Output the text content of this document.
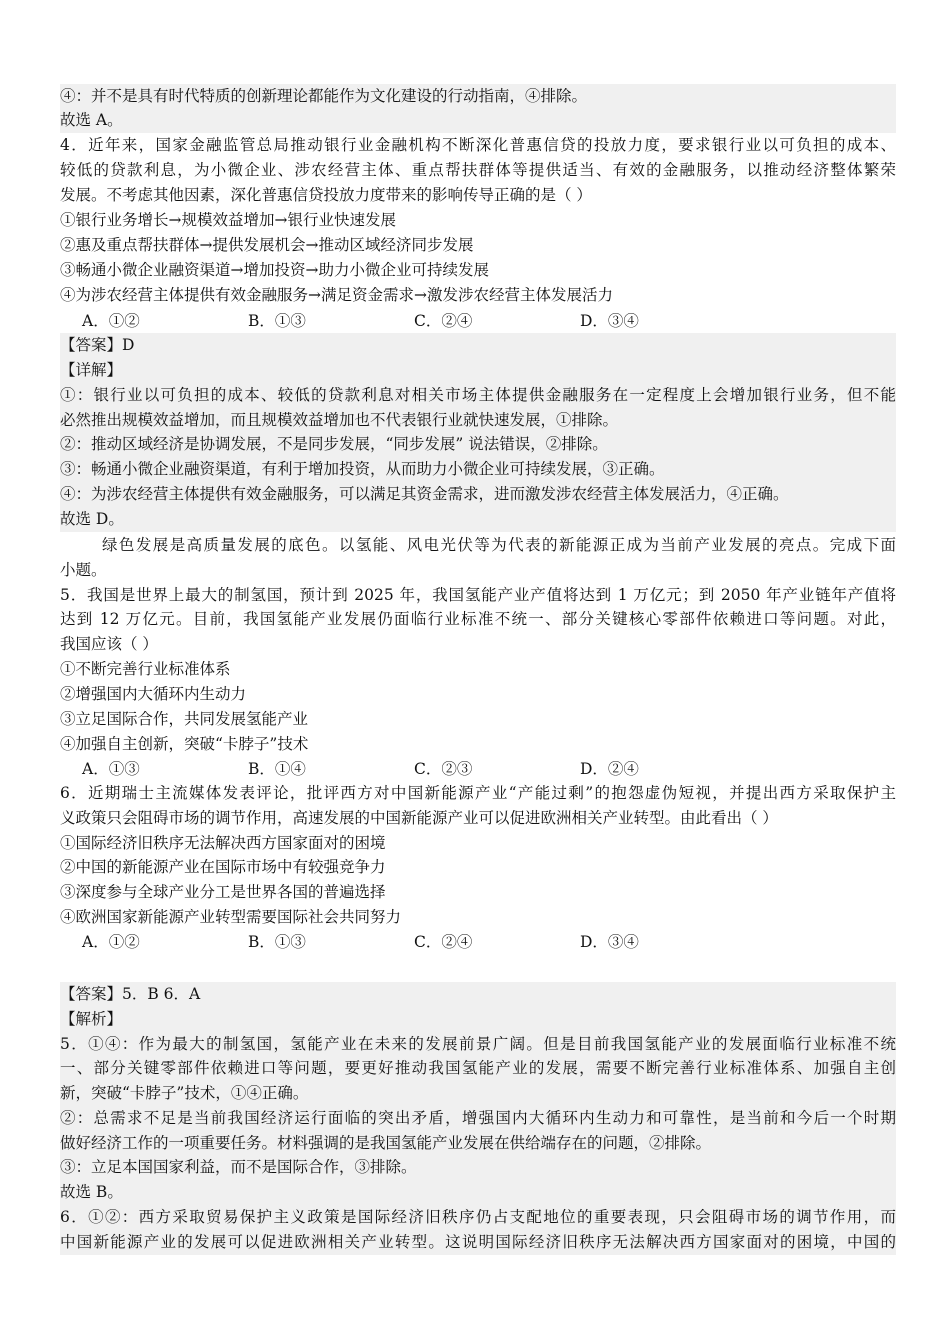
④：并不是具有时代特质的创新理论都能作为文化建设的行动指南，④排除。
故选 A。
4．近年来，国家金融监管总局推动银行业金融机构不断深化普惠信贷的投放力度，要求银行业以可负担的成本、
较低的贷款利息，为小微企业、涉农经营主体、重点帮扶群体等提供适当、有效的金融服务，以推动经济整体繁荣
发展。不考虑其他因素，深化普惠信贷投放力度带来的影响传导正确的是（ ）
①银行业务增长→规模效益增加→银行业快速发展
②惠及重点帮扶群体→提供发展机会→推动区域经济同步发展
③畅通小微企业融资渠道→增加投资→助力小微企业可持续发展
④为涉农经营主体提供有效金融服务→满足资金需求→激发涉农经营主体发展活力
A．①②	B．①③	C．②④	D．③④
【答案】D
【详解】
①：银行业以可负担的成本、较低的贷款利息对相关市场主体提供金融服务在一定程度上会增加银行业务，但不能
必然推出规模效益增加，而且规模效益增加也不代表银行业就快速发展，①排除。
②：推动区域经济是协调发展，不是同步发展，“同步发展” 说法错误，②排除。
③：畅通小微企业融资渠道，有利于增加投资，从而助力小微企业可持续发展，③正确。
④：为涉农经营主体提供有效金融服务，可以满足其资金需求，进而激发涉农经营主体发展活力，④正确。
故选 D。
绿色发展是高质量发展的底色。以氢能、风电光伏等为代表的新能源正成为当前产业发展的亮点。完成下面
小题。
5．我国是世界上最大的制氢国，预计到 2025 年，我国氢能产业产值将达到 1 万亿元；到 2050 年产业链年产值将
达到 12 万亿元。目前，我国氢能产业发展仍面临行业标准不统一、部分关键核心零部件依赖进口等问题。对此，
我国应该（ ）
①不断完善行业标准体系
②增强国内大循环内生动力
③立足国际合作，共同发展氢能产业
④加强自主创新，突破“卡脖子”技术
A．①③	B．①④	C．②③	D．②④
6．近期瑞士主流媒体发表评论，批评西方对中国新能源产业“产能过剩”的抱怨虚伪短视，并提出西方采取保护主
义政策只会阻碍市场的调节作用，高速发展的中国新能源产业可以促进欧洲相关产业转型。由此看出（ ）
①国际经济旧秩序无法解决西方国家面对的困境
②中国的新能源产业在国际市场中有较强竞争力
③深度参与全球产业分工是世界各国的普遍选择
④欧洲国家新能源产业转型需要国际社会共同努力
A．①②	B．①③	C．②④	D．③④
【答案】5．B 6．A
【解析】
5．①④：作为最大的制氢国，氢能产业在未来的发展前景广阔。但是目前我国氢能产业的发展面临行业标准不统
一、部分关键零部件依赖进口等问题，要更好推动我国氢能产业的发展，需要不断完善行业标准体系、加强自主创
新，突破“卡脖子”技术，①④正确。
②：总需求不足是当前我国经济运行面临的突出矛盾，增强国内大循环内生动力和可靠性，是当前和今后一个时期
做好经济工作的一项重要任务。材料强调的是我国氢能产业发展在供给端存在的问题，②排除。
③：立足本国国家利益，而不是国际合作，③排除。
故选 B。
6．①②：西方采取贸易保护主义政策是国际经济旧秩序仍占支配地位的重要表现，只会阻碍市场的调节作用，而
中国新能源产业的发展可以促进欧洲相关产业转型。这说明国际经济旧秩序无法解决西方国家面对的困境，中国的
